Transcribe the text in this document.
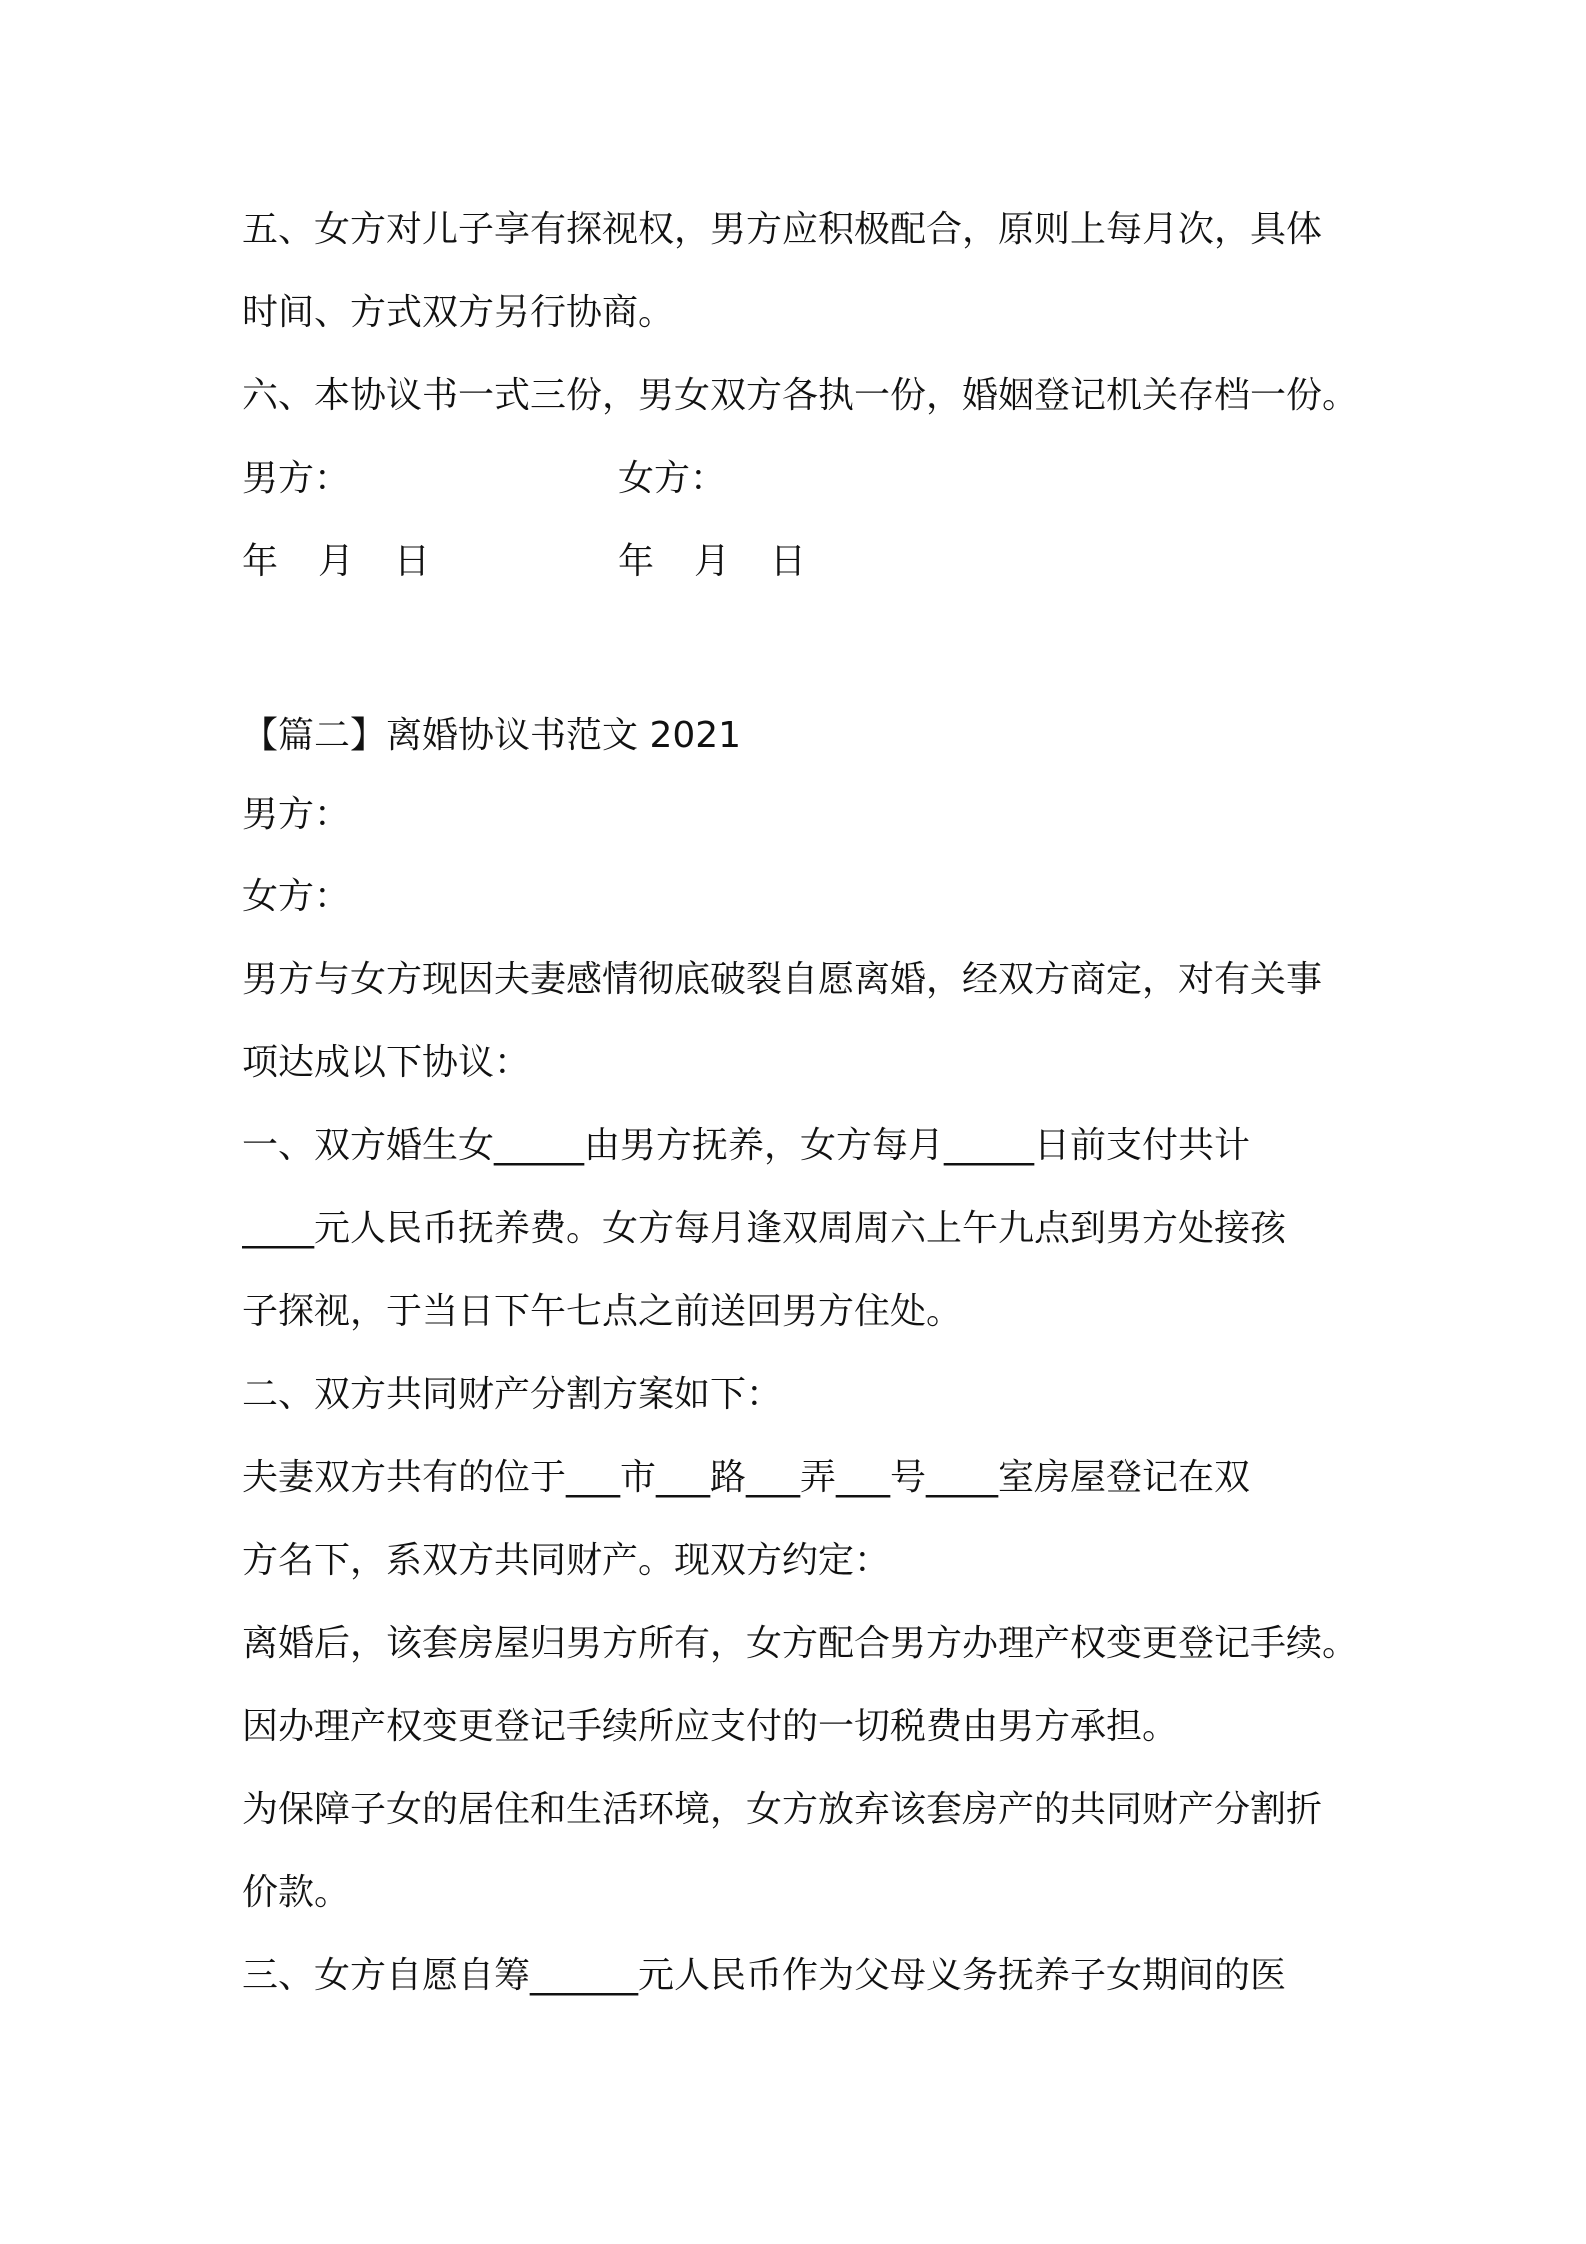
五、女方对儿子享有探视权，男方应积极配合，原则上每月次，具体
时间、方式双方另行协商。
六、本协议书一式三份，男女双方各执一份，婚姻登记机关存档一份。
男方：	女方：
年 月 日	年 月 日
【篇二】离婚协议书范文 2021
男方：
女方：
男方与女方现因夫妻感情彻底破裂自愿离婚，经双方商定，对有关事
项达成以下协议：
一、双方婚生女_____由男方抚养，女方每月_____日前支付共计
____元人民币抚养费。女方每月逢双周周六上午九点到男方处接孩
子探视，于当日下午七点之前送回男方住处。
二、双方共同财产分割方案如下：
夫妻双方共有的位于___市___路___弄___号____室房屋登记在双
方名下，系双方共同财产。现双方约定：
离婚后，该套房屋归男方所有，女方配合男方办理产权变更登记手续。
因办理产权变更登记手续所应支付的一切税费由男方承担。
为保障子女的居住和生活环境，女方放弃该套房产的共同财产分割折
价款。
三、女方自愿自筹______元人民币作为父母义务抚养子女期间的医
